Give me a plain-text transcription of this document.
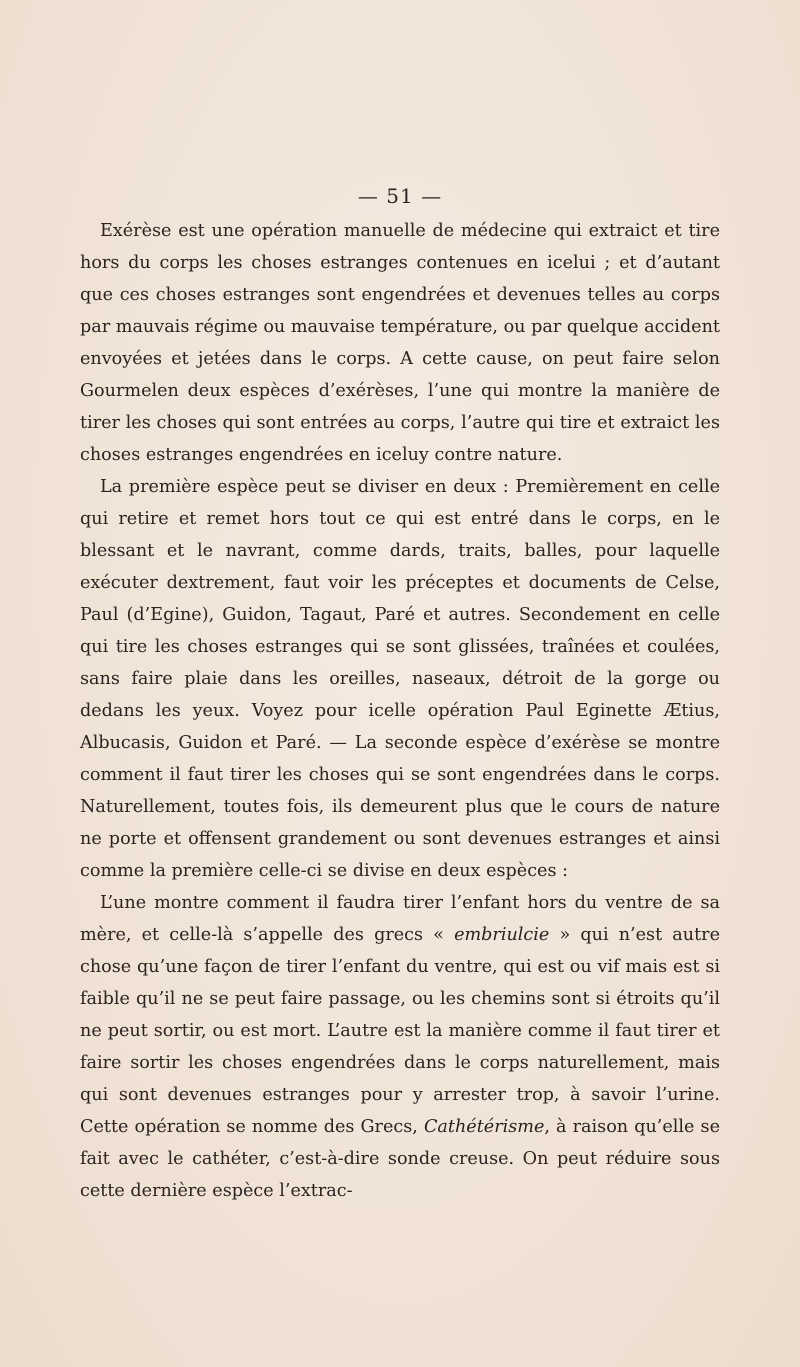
— 51 —

Exérèse est une opération manuelle de médecine qui extraict et tire hors du corps les choses estranges contenues en icelui ; et d’autant que ces choses estranges sont engendrées et devenues telles au corps par mauvais régime ou mauvaise température, ou par quelque accident envoyées et jetées dans le corps. A cette cause, on peut faire selon Gourmelen deux espèces d’exérèses, l’une qui montre la manière de tirer les choses qui sont entrées au corps, l’autre qui tire et extraict les choses estranges engendrées en iceluy contre nature.

La première espèce peut se diviser en deux : Premièrement en celle qui retire et remet hors tout ce qui est entré dans le corps, en le blessant et le navrant, comme dards, traits, balles, pour laquelle exécuter dextrement, faut voir les préceptes et documents de Celse, Paul (d’Egine), Guidon, Tagaut, Paré et autres. Secondement en celle qui tire les choses estranges qui se sont glissées, traînées et coulées, sans faire plaie dans les oreilles, naseaux, détroit de la gorge ou dedans les yeux. Voyez pour icelle opération Paul Eginette Ætius, Albucasis, Guidon et Paré. — La seconde espèce d’exérèse se montre comment il faut tirer les choses qui se sont engendrées dans le corps. Naturellement, toutes fois, ils demeurent plus que le cours de nature ne porte et offensent grandement ou sont devenues estranges et ainsi comme la première celle-ci se divise en deux espèces :

L’une montre comment il faudra tirer l’enfant hors du ventre de sa mère, et celle-là s’appelle des grecs « embriulcie » qui n’est autre chose qu’une façon de tirer l’enfant du ventre, qui est ou vif mais est si faible qu’il ne se peut faire passage, ou les chemins sont si étroits qu’il ne peut sortir, ou est mort. L’autre est la manière comme il faut tirer et faire sortir les choses engendrées dans le corps naturellement, mais qui sont devenues estranges pour y arrester trop, à savoir l’urine. Cette opération se nomme des Grecs, Cathétérisme, à raison qu’elle se fait avec le cathéter, c’est-à-dire sonde creuse. On peut réduire sous cette dernière espèce l’extrac-
